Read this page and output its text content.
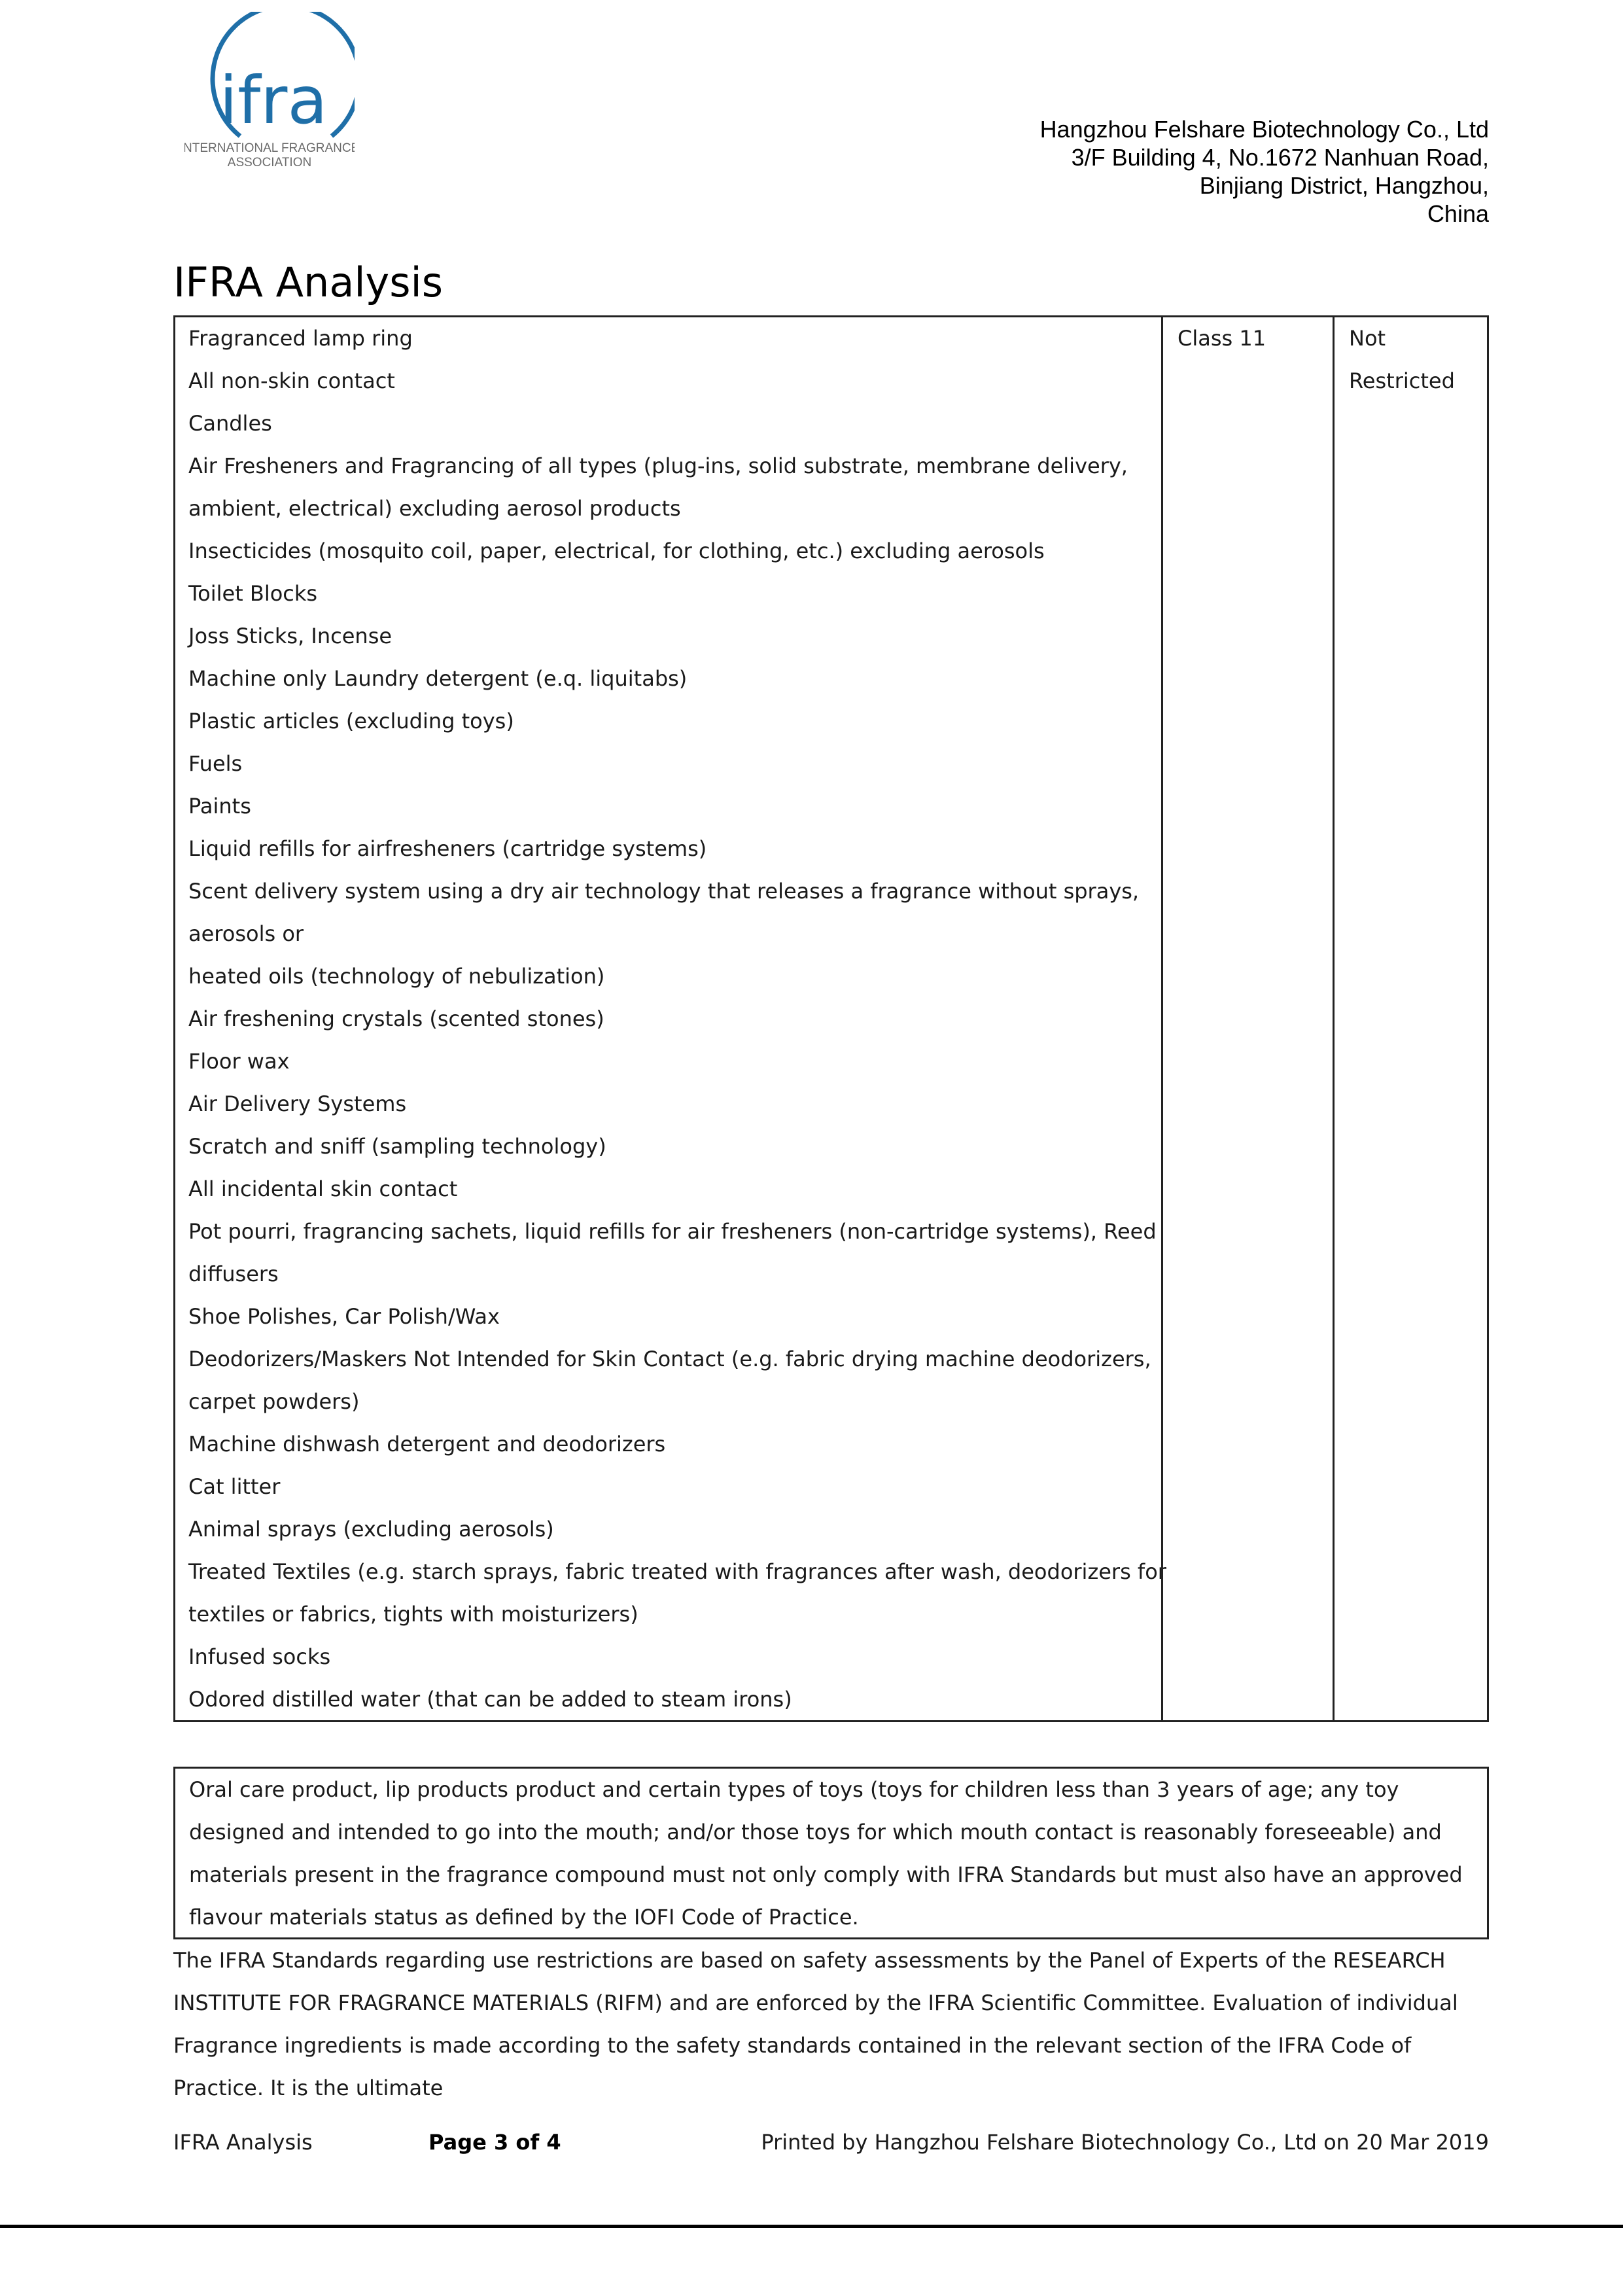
ifra
INTERNATIONAL FRAGRANCE
ASSOCIATION
Hangzhou Felshare Biotechnology Co., Ltd
3/F Building 4, No.1672 Nanhuan Road,
Binjiang District, Hangzhou,
China
IFRA Analysis
Fragranced lamp ring
All non-skin contact
Candles
Air Fresheners and Fragrancing of all types (plug-ins, solid substrate, membrane delivery,
ambient, electrical) excluding aerosol products
Insecticides (mosquito coil, paper, electrical, for clothing, etc.) excluding aerosols
Toilet Blocks
Joss Sticks, Incense
Machine only Laundry detergent (e.q. liquitabs)
Plastic articles (excluding toys)
Fuels
Paints
Liquid refills for airfresheners (cartridge systems)
Scent delivery system using a dry air technology that releases a fragrance without sprays,
aerosols or
heated oils (technology of nebulization)
Air freshening crystals (scented stones)
Floor wax
Air Delivery Systems
Scratch and sniff (sampling technology)
All incidental skin contact
Pot pourri, fragrancing sachets, liquid refills for air fresheners (non-cartridge systems), Reed
diffusers
Shoe Polishes, Car Polish/Wax
Deodorizers/Maskers Not Intended for Skin Contact (e.g. fabric drying machine deodorizers,
carpet powders)
Machine dishwash detergent and deodorizers
Cat litter
Animal sprays (excluding aerosols)
Treated Textiles (e.g. starch sprays, fabric treated with fragrances after wash, deodorizers for
textiles or fabrics, tights with moisturizers)
Infused socks
Odored distilled water (that can be added to steam irons)
Class 11	Not
Restricted

Oral care product, lip products product and certain types of toys (toys for children less than 3 years of age; any toy designed and intended to go into the mouth; and/or those toys for which mouth contact is reasonably foreseeable) and materials present in the fragrance compound must not only comply with IFRA Standards but must also have an approved flavour materials status as defined by the IOFI Code of Practice.

The IFRA Standards regarding use restrictions are based on safety assessments by the Panel of Experts of the RESEARCH INSTITUTE FOR FRAGRANCE MATERIALS (RIFM) and are enforced by the IFRA Scientific Committee. Evaluation of individual Fragrance ingredients is made according to the safety standards contained in the relevant section of the IFRA Code of Practice. It is the ultimate

IFRA Analysis	Page 3 of 4	Printed by Hangzhou Felshare Biotechnology Co., Ltd on 20 Mar 2019
